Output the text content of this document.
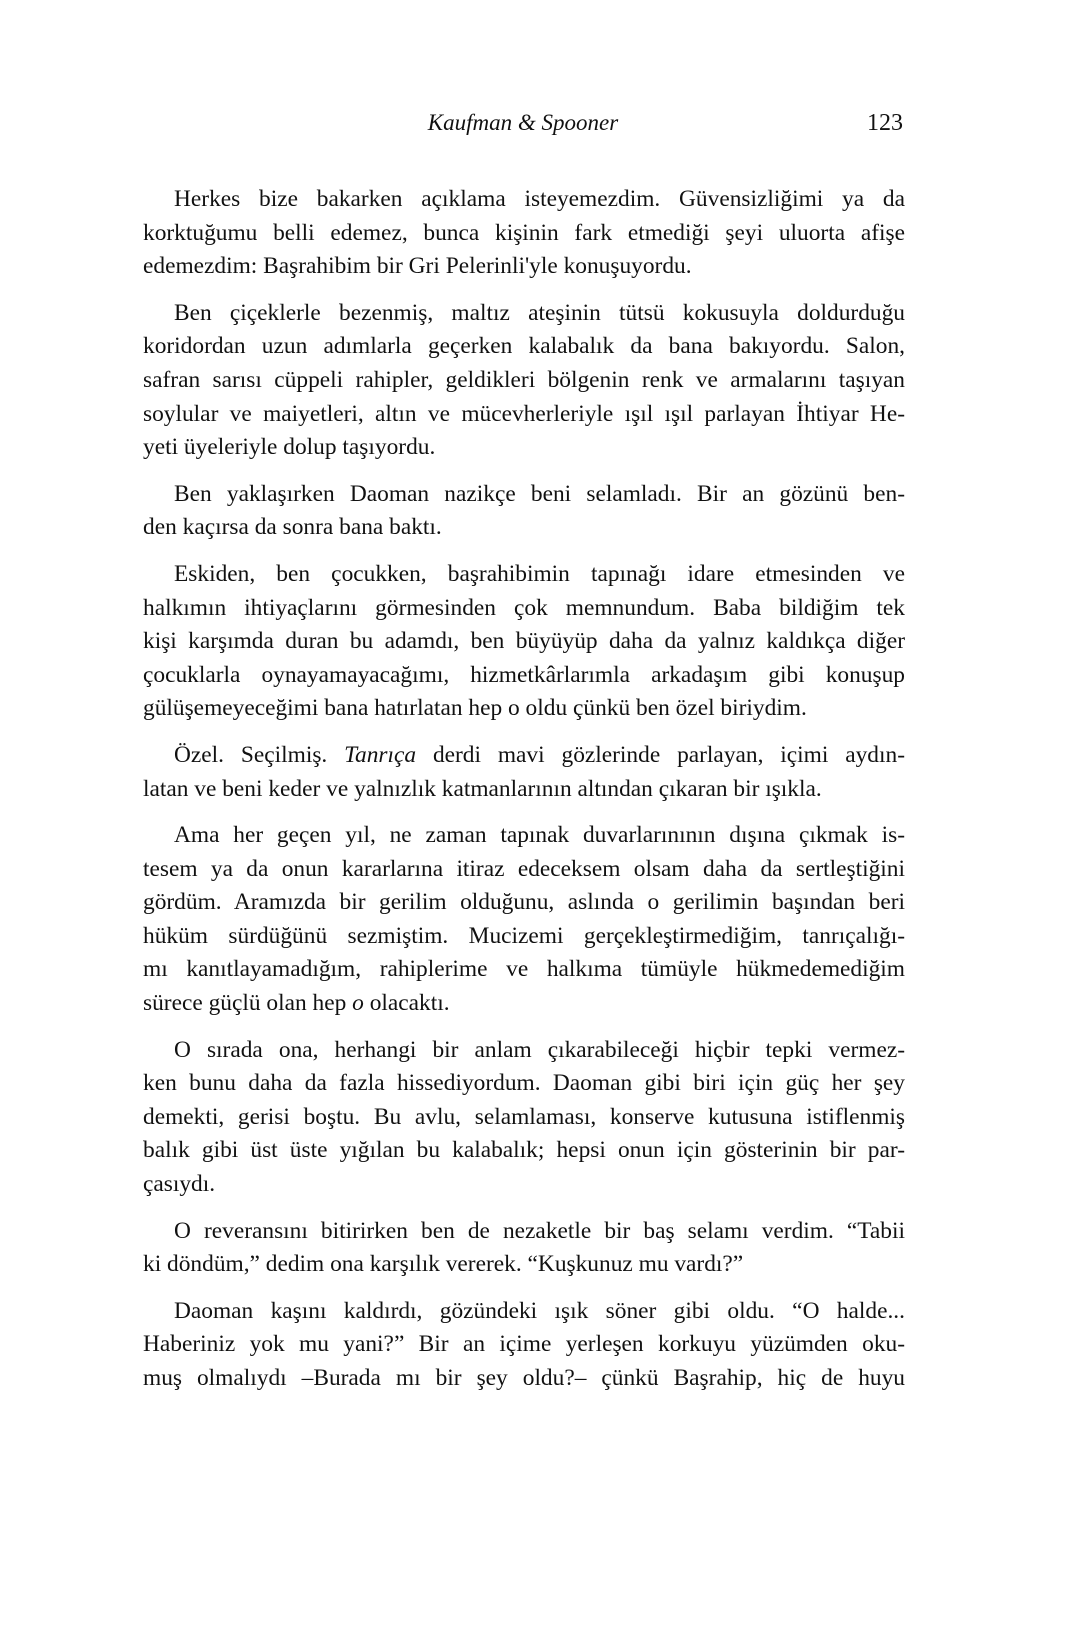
Kaufman & Spooner	123
Herkes bize bakarken açıklama isteyemezdim. Güvensizliğimi ya da
korktuğumu belli edemez, bunca kişinin fark etmediği şeyi uluorta afişe
edemezdim: Başrahibim bir Gri Pelerinli'yle konuşuyordu.
Ben çiçeklerle bezenmiş, maltız ateşinin tütsü kokusuyla doldurduğu
koridordan uzun adımlarla geçerken kalabalık da bana bakıyordu. Salon,
safran sarısı cüppeli rahipler, geldikleri bölgenin renk ve armalarını taşıyan
soylular ve maiyetleri, altın ve mücevherleriyle ışıl ışıl parlayan İhtiyar He-
yeti üyeleriyle dolup taşıyordu.
Ben yaklaşırken Daoman nazikçe beni selamladı. Bir an gözünü ben-
den kaçırsa da sonra bana baktı.
Eskiden, ben çocukken, başrahibimin tapınağı idare etmesinden ve
halkımın ihtiyaçlarını görmesinden çok memnundum. Baba bildiğim tek
kişi karşımda duran bu adamdı, ben büyüyüp daha da yalnız kaldıkça diğer
çocuklarla oynayamayacağımı, hizmetkârlarımla arkadaşım gibi konuşup
gülüşemeyeceğimi bana hatırlatan hep o oldu çünkü ben özel biriydim.
Özel. Seçilmiş. Tanrıça derdi mavi gözlerinde parlayan, içimi aydın-
latan ve beni keder ve yalnızlık katmanlarının altından çıkaran bir ışıkla.
Ama her geçen yıl, ne zaman tapınak duvarlarınının dışına çıkmak is-
tesem ya da onun kararlarına itiraz edeceksem olsam daha da sertleştiğini
gördüm. Aramızda bir gerilim olduğunu, aslında o gerilimin başından beri
hüküm sürdüğünü sezmiştim. Mucizemi gerçekleştirmediğim, tanrıçalığı-
mı kanıtlayamadığım, rahiplerime ve halkıma tümüyle hükmedemediğim
sürece güçlü olan hep o olacaktı.
O sırada ona, herhangi bir anlam çıkarabileceği hiçbir tepki vermez-
ken bunu daha da fazla hissediyordum. Daoman gibi biri için güç her şey
demekti, gerisi boştu. Bu avlu, selamlaması, konserve kutusuna istiflenmiş
balık gibi üst üste yığılan bu kalabalık; hepsi onun için gösterinin bir par-
çasıydı.
O reveransını bitirirken ben de nezaketle bir baş selamı verdim. “Tabii
ki döndüm,” dedim ona karşılık vererek. “Kuşkunuz mu vardı?”
Daoman kaşını kaldırdı, gözündeki ışık söner gibi oldu. “O halde...
Haberiniz yok mu yani?” Bir an içime yerleşen korkuyu yüzümden oku-
muş olmalıydı –Burada mı bir şey oldu?– çünkü Başrahip, hiç de huyu
